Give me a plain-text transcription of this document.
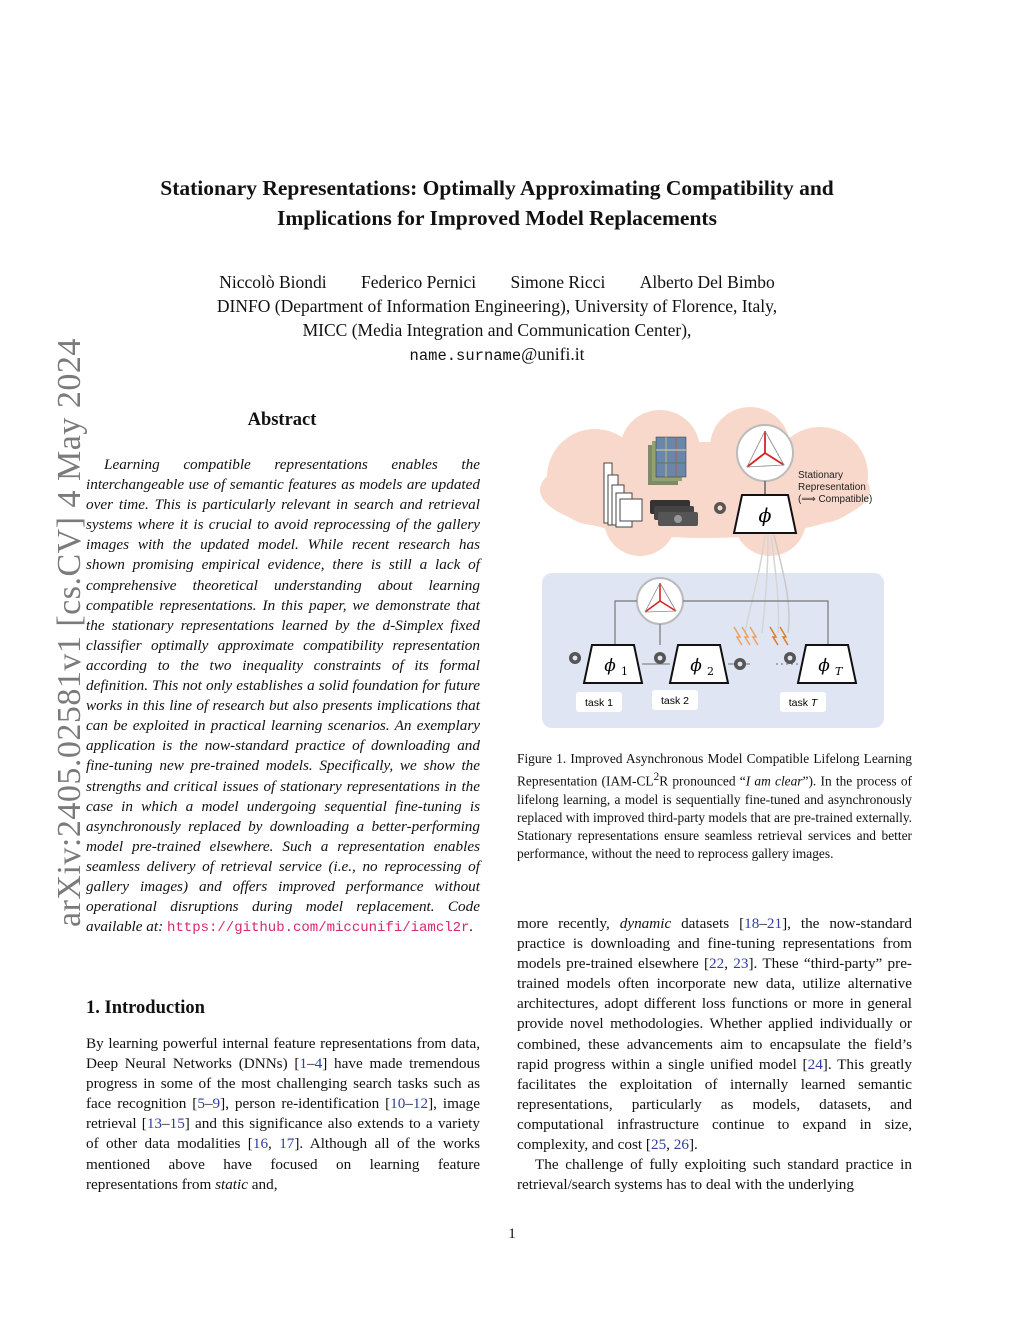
arXiv:2405.02581v1 [cs.CV] 4 May 2024
Stationary Representations: Optimally Approximating Compatibility and
Implications for Improved Model Replacements
Niccolò Biondi Federico Pernici Simone Ricci Alberto Del Bimbo
DINFO (Department of Information Engineering), University of Florence, Italy,
MICC (Media Integration and Communication Center),
name.surname@unifi.it
Abstract
Learning compatible representations enables the interchangeable use of semantic features as models are updated over time. This is particularly relevant in search and retrieval systems where it is crucial to avoid reprocessing of the gallery images with the updated model. While recent research has shown promising empirical evidence, there is still a lack of comprehensive theoretical understanding about learning compatible representations. In this paper, we demonstrate that the stationary representations learned by the d-Simplex fixed classifier optimally approximate compatibility representation according to the two inequality constraints of its formal definition. This not only establishes a solid foundation for future works in this line of research but also presents implications that can be exploited in practical learning scenarios. An exemplary application is the now-standard practice of downloading and fine-tuning new pre-trained models. Specifically, we show the strengths and critical issues of stationary representations in the case in which a model undergoing sequential fine-tuning is asynchronously replaced by downloading a better-performing model pre-trained elsewhere. Such a representation enables seamless delivery of retrieval service (i.e., no reprocessing of gallery images) and offers improved performance without operational disruptions during model replacement. Code available at: https://github.com/miccunifi/iamcl2r.
ϕ
Stationary
Representation
(⟹ Compatible)
ϕ 1	ϕ 2	ϕ T
task 1	task 2	task T
Figure 1. Improved Asynchronous Model Compatible Lifelong Learning Representation ($IAM-CL^2R$ pronounced “I am clear”). In the process of lifelong learning, a model is sequentially fine-tuned and asynchronously replaced with improved third-party models that are pre-trained externally. Stationary representations ensure seamless retrieval services and better performance, without the need to reprocess gallery images.
1. Introduction
By learning powerful internal feature representations from data, Deep Neural Networks (DNNs) [1–4] have made tremendous progress in some of the most challenging search tasks such as face recognition [5–9], person re-identification [10–12], image retrieval [13–15] and this significance also extends to a variety of other data modalities [16, 17]. Although all of the works mentioned above have focused on learning feature representations from static and,

more recently, dynamic datasets [18–21], the now-standard practice is downloading and fine-tuning representations from models pre-trained elsewhere [22, 23]. These “third-party” pre-trained models often incorporate new data, utilize alternative architectures, adopt different loss functions or more in general provide novel methodologies. Whether applied individually or combined, these advancements aim to encapsulate the field’s rapid progress within a single unified model [24]. This greatly facilitates the exploitation of internally learned semantic representations, particularly as models, datasets, and computational infrastructure continue to expand in size, complexity, and cost [25, 26].

The challenge of fully exploiting such standard practice in retrieval/search systems has to deal with the underlying

1
